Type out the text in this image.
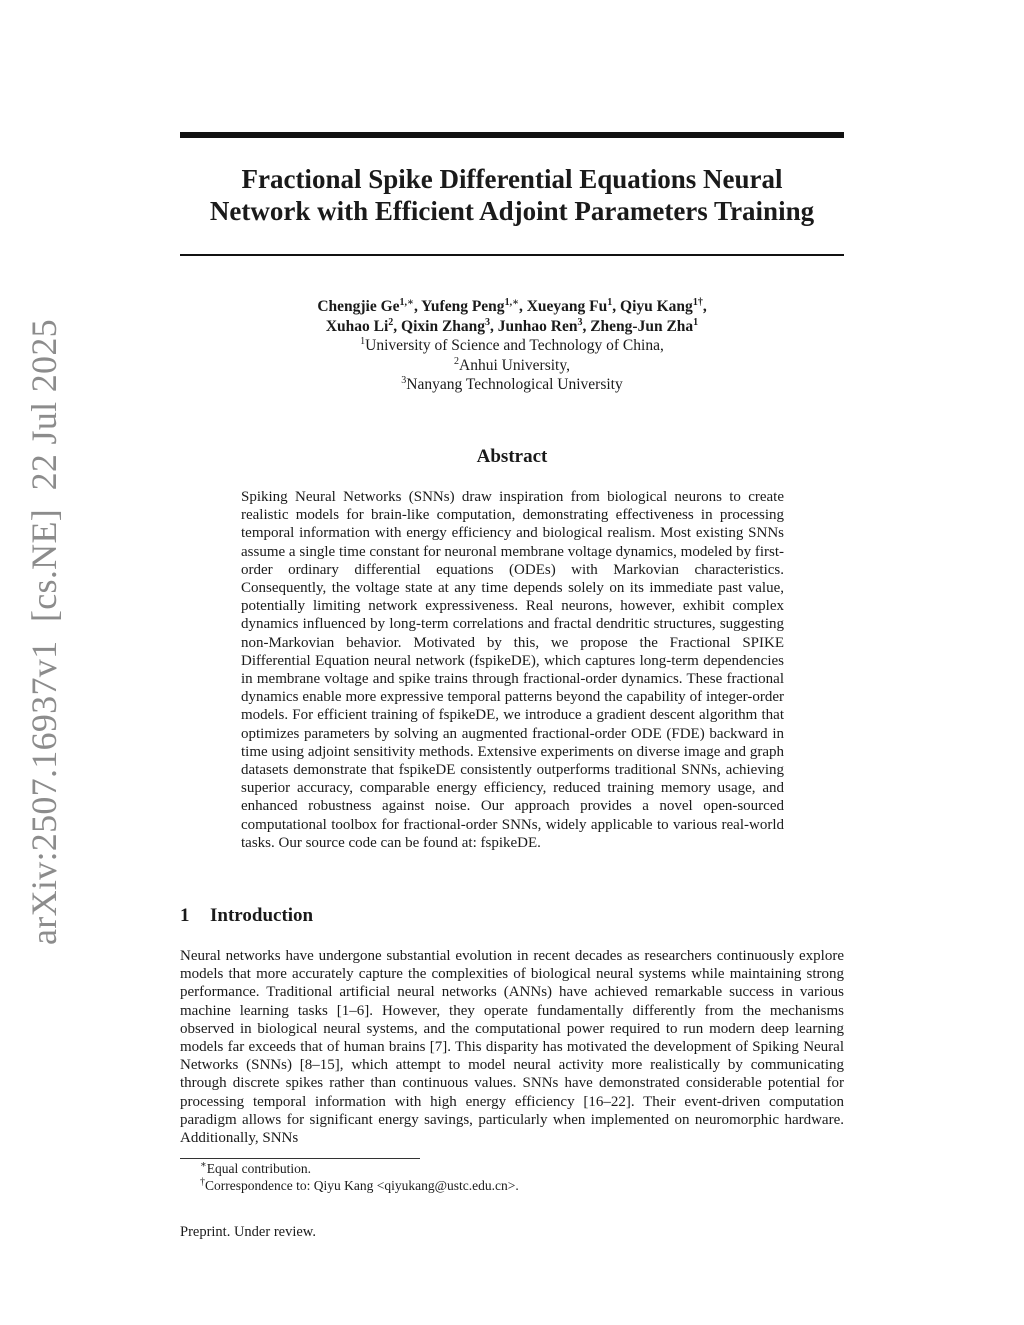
arXiv:2507.16937v1  [cs.NE]  22 Jul 2025
Fractional Spike Differential Equations Neural
Network with Efficient Adjoint Parameters Training
Chengjie $Ge^{1,∗}$, Yufeng Peng$^{1,∗}$, Xueyang Fu$^1$, Qiyu Kang$^{1\dagger}$,
Xuhao Li$^2$, Qixin Zhang$^3$, Junhao Ren$^3$, Zheng-Jun Zha$^1$
$^1$University of Science and Technology of China,
$^2$Anhui University,
$^3$Nanyang Technological University
Abstract

Spiking Neural Networks (SNNs) draw inspiration from biological neurons to create realistic models for brain-like computation, demonstrating effectiveness in processing temporal information with energy efficiency and biological realism. Most existing SNNs assume a single time constant for neuronal membrane voltage dynamics, modeled by first-order ordinary differential equations (ODEs) with Markovian characteristics. Consequently, the voltage state at any time depends solely on its immediate past value, potentially limiting network expressiveness. Real neurons, however, exhibit complex dynamics influenced by long-term correlations and fractal dendritic structures, suggesting non-Markovian behavior. Motivated by this, we propose the Fractional SPIKE Differential Equation neural network (fspikeDE), which captures long-term dependencies in membrane voltage and spike trains through fractional-order dynamics. These fractional dynamics enable more expressive temporal patterns beyond the capability of integer-order models. For efficient training of fspikeDE, we introduce a gradient descent algorithm that optimizes parameters by solving an augmented fractional-order ODE (FDE) backward in time using adjoint sensitivity methods. Extensive experiments on diverse image and graph datasets demonstrate that fspikeDE consistently outperforms traditional SNNs, achieving superior accuracy, comparable energy efficiency, reduced training memory usage, and enhanced robustness against noise. Our approach provides a novel open-sourced computational toolbox for fractional-order SNNs, widely applicable to various real-world tasks. Our source code can be found at: fspikeDE.

1 Introduction

Neural networks have undergone substantial evolution in recent decades as researchers continuously explore models that more accurately capture the complexities of biological neural systems while maintaining strong performance. Traditional artificial neural networks (ANNs) have achieved remarkable success in various machine learning tasks [1–6]. However, they operate fundamentally differently from the mechanisms observed in biological neural systems, and the computational power required to run modern deep learning models far exceeds that of human brains [7]. This disparity has motivated the development of Spiking Neural Networks (SNNs) [8–15], which attempt to model neural activity more realistically by communicating through discrete spikes rather than continuous values. SNNs have demonstrated considerable potential for processing temporal information with high energy efficiency [16–22]. Their event-driven computation paradigm allows for significant energy savings, particularly when implemented on neuromorphic hardware. Additionally, SNNs

∗Equal contribution.
†Correspondence to: Qiyu Kang <qiyukang@ustc.edu.cn>.
Preprint. Under review.
